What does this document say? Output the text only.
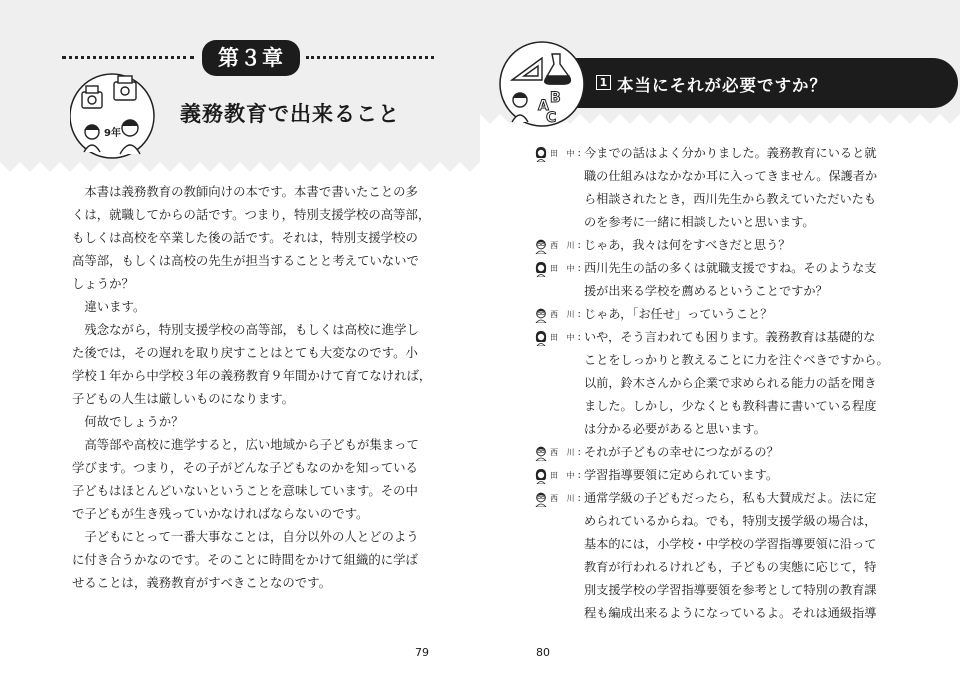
第３章
9年
義務教育で出来ること

本書は義務教育の教師向けの本です。本書で書いたことの多
くは，就職してからの話です。つまり，特別支援学校の高等部，
もしくは高校を卒業した後の話です。それは，特別支援学校の
高等部，もしくは高校の先生が担当することと考えていないで
しょうか？

違います。

残念ながら，特別支援学校の高等部，もしくは高校に進学し
た後では，その遅れを取り戻すことはとても大変なのです。小
学校１年から中学校３年の義務教育９年間かけて育てなければ，
子どもの人生は厳しいものになります。

何故でしょうか？

高等部や高校に進学すると，広い地域から子どもが集まって
学びます。つまり，その子がどんな子どもなのかを知っている
子どもはほとんどいないということを意味しています。その中
で子どもが生き残っていかなければならないのです。

子どもにとって一番大事なことは，自分以外の人とどのよう
に付き合うかなのです。そのことに時間をかけて組織的に学ば
せることは，義務教育がすべきことなのです。

79
A B
C
1 本当にそれが必要ですか？
田 中 : 今までの話はよく分かりました。義務教育にいると就
職の仕組みはなかなか耳に入ってきません。保護者か
ら相談されたとき，西川先生から教えていただいたも
のを参考に一緒に相談したいと思います。
西 川 : じゃあ，我々は何をすべきだと思う？
田 中 : 西川先生の話の多くは就職支援ですね。そのような支
援が出来る学校を薦めるということですか？
西 川 : じゃあ，「お任せ」っていうこと？
田 中 : いや，そう言われても困ります。義務教育は基礎的な
ことをしっかりと教えることに力を注ぐべきですから。
以前，鈴木さんから企業で求められる能力の話を聞き
ました。しかし，少なくとも教科書に書いている程度
は分かる必要があると思います。
西 川 : それが子どもの幸せにつながるの？
田 中 : 学習指導要領に定められています。
西 川 : 通常学級の子どもだったら，私も大賛成だよ。法に定
められているからね。でも，特別支援学級の場合は，
基本的には，小学校・中学校の学習指導要領に沿って
教育が行われるけれども，子どもの実態に応じて，特
別支援学校の学習指導要領を参考として特別の教育課
程も編成出来るようになっているよ。それは通級指導
80
